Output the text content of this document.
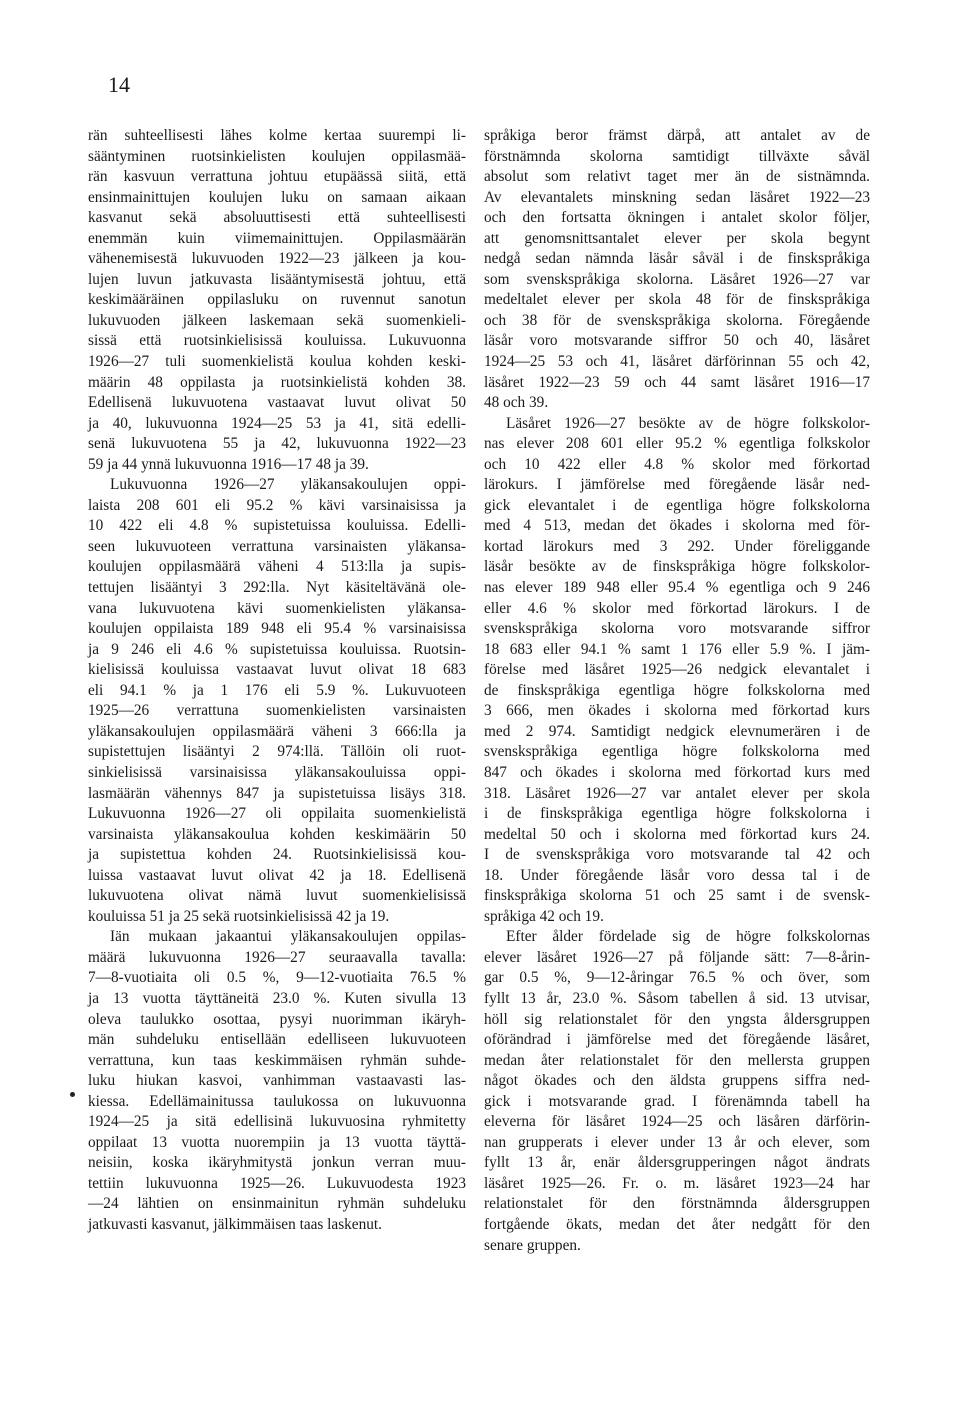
14
rän suhteellisesti lähes kolme kertaa suurempi li-
sääntyminen ruotsinkielisten koulujen oppilasmää-
rän kasvuun verrattuna johtuu etupäässä siitä, että
ensinmainittujen koulujen luku on samaan aikaan
kasvanut sekä absoluuttisesti että suhteellisesti
enemmän kuin viimemainittujen. Oppilasmäärän
vähenemisestä lukuvuoden 1922—23 jälkeen ja kou-
lujen luvun jatkuvasta lisääntymisestä johtuu, että
keskimääräinen oppilasluku on ruvennut sanotun
lukuvuoden jälkeen laskemaan sekä suomenkieli-
sissä että ruotsinkielisissä kouluissa. Lukuvuonna
1926—27 tuli suomenkielistä koulua kohden keski-
määrin 48 oppilasta ja ruotsinkielistä kohden 38.
Edellisenä lukuvuotena vastaavat luvut olivat 50
ja 40, lukuvuonna 1924—25 53 ja 41, sitä edelli-
senä lukuvuotena 55 ja 42, lukuvuonna 1922—23
59 ja 44 ynnä lukuvuonna 1916—17 48 ja 39.
Lukuvuonna 1926—27 yläkansakoulujen oppi-
laista 208 601 eli 95.2 % kävi varsinaisissa ja
10 422 eli 4.8 % supistetuissa kouluissa. Edelli-
seen lukuvuoteen verrattuna varsinaisten yläkansa-
koulujen oppilasmäärä väheni 4 513:lla ja supis-
tettujen lisääntyi 3 292:lla. Nyt käsiteltävänä ole-
vana lukuvuotena kävi suomenkielisten yläkansa-
koulujen oppilaista 189 948 eli 95.4 % varsinaisissa
ja 9 246 eli 4.6 % supistetuissa kouluissa. Ruotsin-
kielisissä kouluissa vastaavat luvut olivat 18 683
eli 94.1 % ja 1 176 eli 5.9 %. Lukuvuoteen
1925—26 verrattuna suomenkielisten varsinaisten
yläkansakoulujen oppilasmäärä väheni 3 666:lla ja
supistettujen lisääntyi 2 974:llä. Tällöin oli ruot-
sinkielisissä varsinaisissa yläkansakouluissa oppi-
lasmäärän vähennys 847 ja supistetuissa lisäys 318.
Lukuvuonna 1926—27 oli oppilaita suomenkielistä
varsinaista yläkansakoulua kohden keskimäärin 50
ja supistettua kohden 24. Ruotsinkielisissä kou-
luissa vastaavat luvut olivat 42 ja 18. Edellisenä
lukuvuotena olivat nämä luvut suomenkielisissä
kouluissa 51 ja 25 sekä ruotsinkielisissä 42 ja 19.
Iän mukaan jakaantui yläkansakoulujen oppilas-
määrä lukuvuonna 1926—27 seuraavalla tavalla:
7—8-vuotiaita oli 0.5 %, 9—12-vuotiaita 76.5 %
ja 13 vuotta täyttäneitä 23.0 %. Kuten sivulla 13
oleva taulukko osottaa, pysyi nuorimman ikäryh-
män suhdeluku entisellään edelliseen lukuvuoteen
verrattuna, kun taas keskimmäisen ryhmän suhde-
luku hiukan kasvoi, vanhimman vastaavasti las-
kiessa. Edellämainitussa taulukossa on lukuvuonna
1924—25 ja sitä edellisinä lukuvuosina ryhmitetty
oppilaat 13 vuotta nuorempiin ja 13 vuotta täyttä-
neisiin, koska ikäryhmitystä jonkun verran muu-
tettiin lukuvuonna 1925—26. Lukuvuodesta 1923
—24 lähtien on ensinmainitun ryhmän suhdeluku
jatkuvasti kasvanut, jälkimmäisen taas laskenut.
språkiga beror främst därpå, att antalet av de
förstnämnda skolorna samtidigt tillväxte såväl
absolut som relativt taget mer än de sistnämnda.
Av elevantalets minskning sedan läsåret 1922—23
och den fortsatta ökningen i antalet skolor följer,
att genomsnittsantalet elever per skola begynt
nedgå sedan nämnda läsår såväl i de finskspråkiga
som svenskspråkiga skolorna. Läsåret 1926—27 var
medeltalet elever per skola 48 för de finskspråkiga
och 38 för de svenskspråkiga skolorna. Föregående
läsår voro motsvarande siffror 50 och 40, läsåret
1924—25 53 och 41, läsåret därförinnan 55 och 42,
läsåret 1922—23 59 och 44 samt läsåret 1916—17
48 och 39.
Läsåret 1926—27 besökte av de högre folkskolor-
nas elever 208 601 eller 95.2 % egentliga folkskolor
och 10 422 eller 4.8 % skolor med förkortad
lärokurs. I jämförelse med föregående läsår ned-
gick elevantalet i de egentliga högre folkskolorna
med 4 513, medan det ökades i skolorna med för-
kortad lärokurs med 3 292. Under föreliggande
läsår besökte av de finskspråkiga högre folkskolor-
nas elever 189 948 eller 95.4 % egentliga och 9 246
eller 4.6 % skolor med förkortad lärokurs. I de
svenskspråkiga skolorna voro motsvarande siffror
18 683 eller 94.1 % samt 1 176 eller 5.9 %. I jäm-
förelse med läsåret 1925—26 nedgick elevantalet i
de finskspråkiga egentliga högre folkskolorna med
3 666, men ökades i skolorna med förkortad kurs
med 2 974. Samtidigt nedgick elevnumerären i de
svenskspråkiga egentliga högre folkskolorna med
847 och ökades i skolorna med förkortad kurs med
318. Läsåret 1926—27 var antalet elever per skola
i de finskspråkiga egentliga högre folkskolorna i
medeltal 50 och i skolorna med förkortad kurs 24.
I de svenskspråkiga voro motsvarande tal 42 och
18. Under föregående läsår voro dessa tal i de
finskspråkiga skolorna 51 och 25 samt i de svensk-
språkiga 42 och 19.
Efter ålder fördelade sig de högre folkskolornas
elever läsåret 1926—27 på följande sätt: 7—8-årin-
gar 0.5 %, 9—12-åringar 76.5 % och över, som
fyllt 13 år, 23.0 %. Såsom tabellen å sid. 13 utvisar,
höll sig relationstalet för den yngsta åldersgruppen
oförändrad i jämförelse med det föregående läsåret,
medan åter relationstalet för den mellersta gruppen
något ökades och den äldsta gruppens siffra ned-
gick i motsvarande grad. I förenämnda tabell ha
eleverna för läsåret 1924—25 och läsåren därförin-
nan grupperats i elever under 13 år och elever, som
fyllt 13 år, enär åldersgrupperingen något ändrats
läsåret 1925—26. Fr. o. m. läsåret 1923—24 har
relationstalet för den förstnämnda åldersgruppen
fortgående ökats, medan det åter nedgått för den
senare gruppen.
